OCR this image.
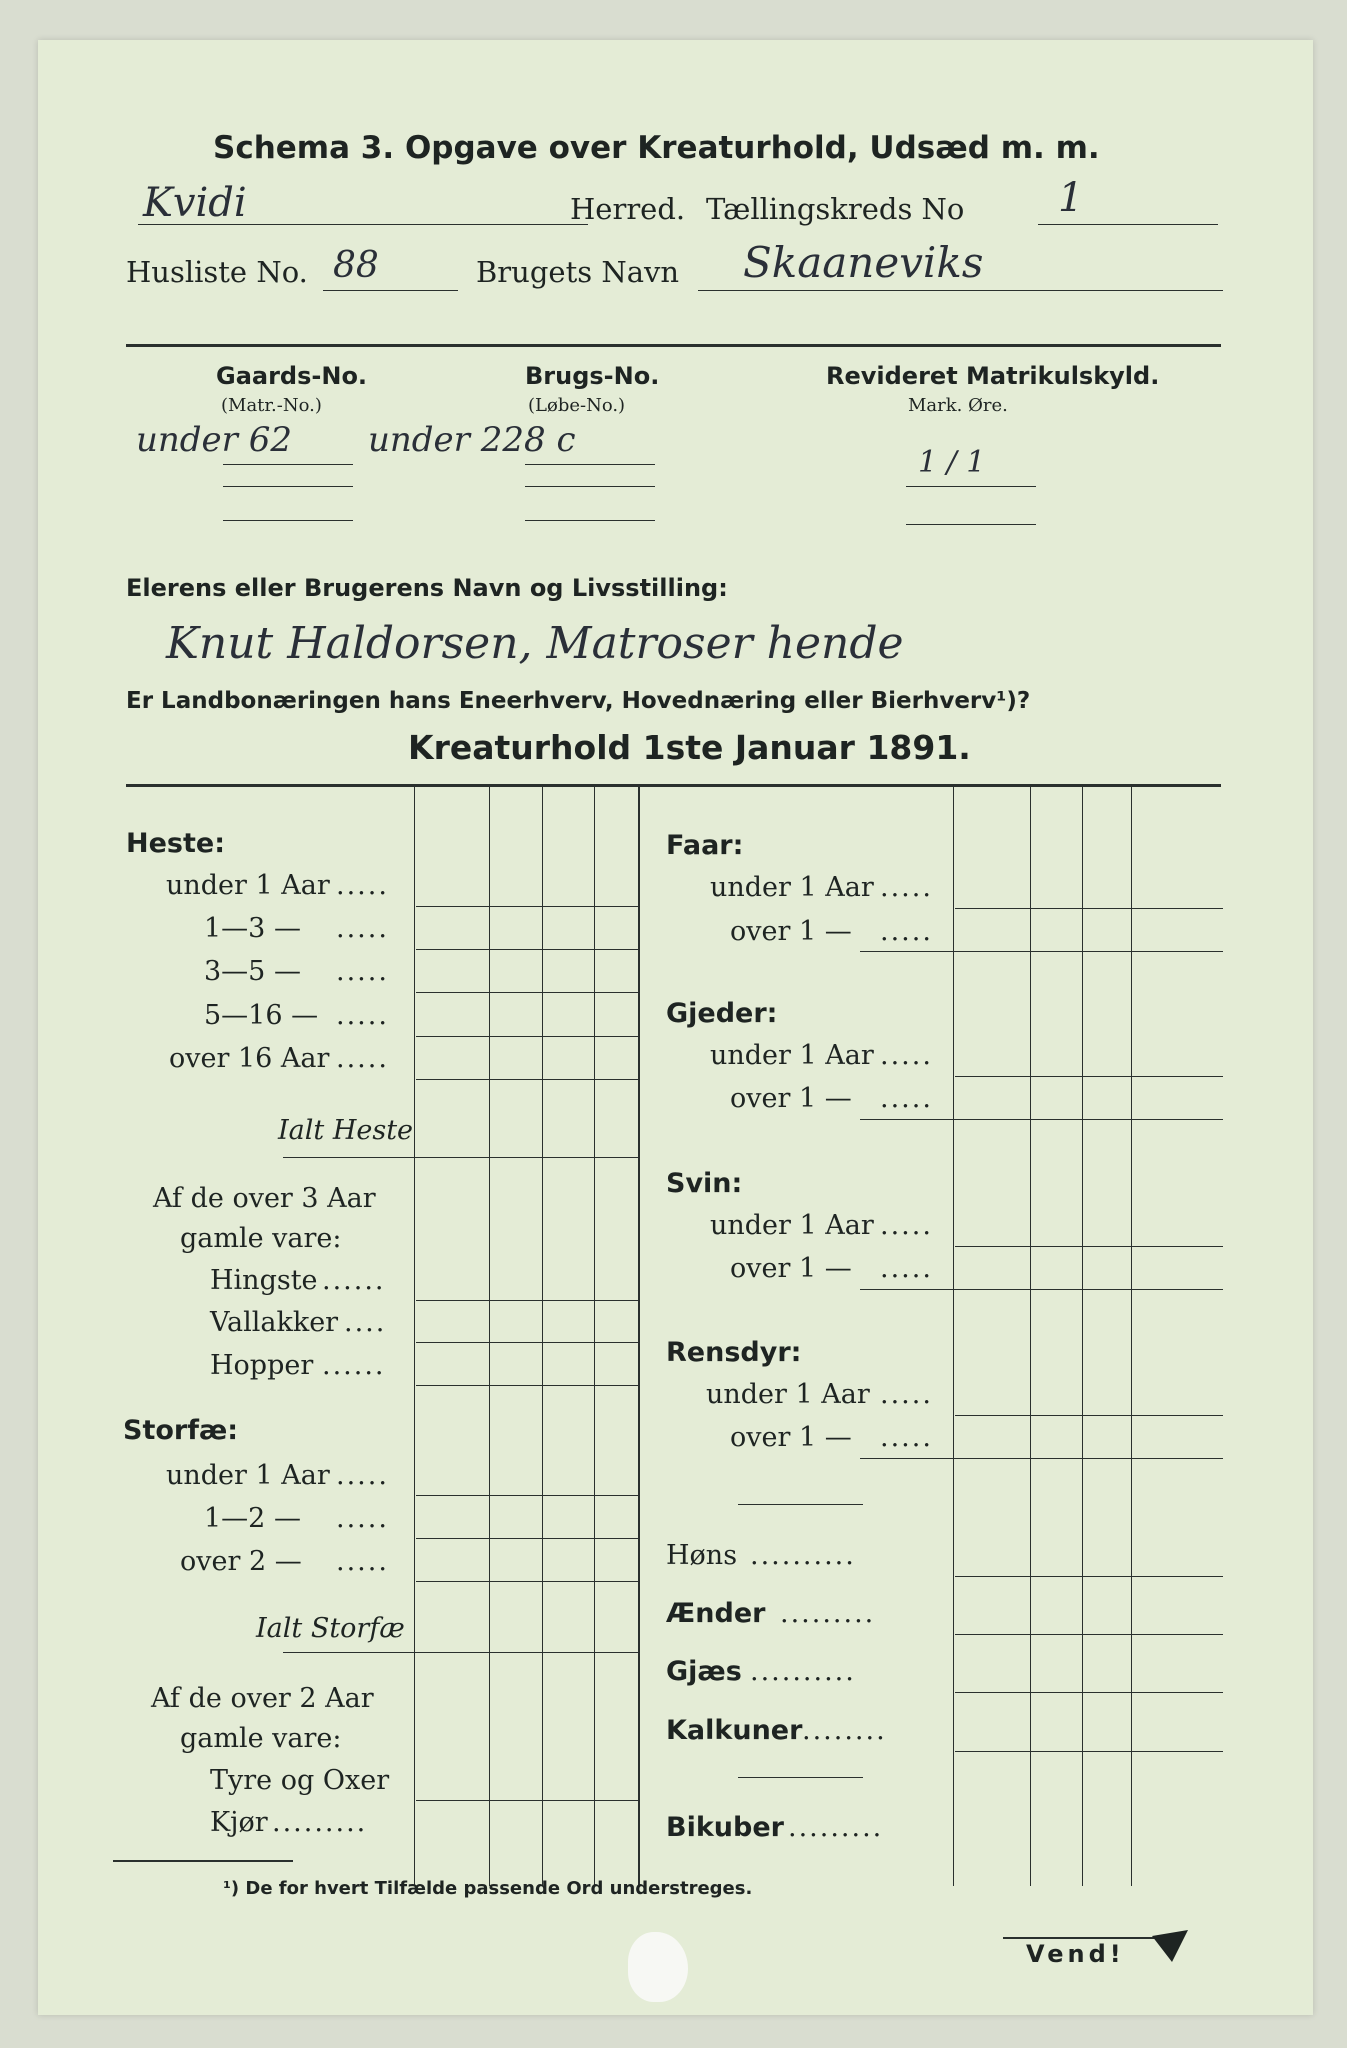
Schema 3. Opgave over Kreaturhold, Udsæd m. m.
Kvidi	Herred. Tællingskreds No 1
Husliste No. 88	Brugets Navn Skaaneviks
Gaards-No.
(Matr.-No.)
under 62
Brugs-No.
(Løbe-No.)
under 228 c
Revideret Matrikulskyld.
Mark. Øre.
1 / 1
Elerens eller Brugerens Navn og Livsstilling:
Knut Haldorsen, Matroser hende
Er Landbonæringen hans Eneerhverv, Hovednæring eller Bierhverv¹)?
Kreaturhold 1ste Januar 1891.
Heste:
under 1 Aar .....
1—3 — .....
3—5 — .....
5—16 — .....
over 16 Aar .....
Ialt Heste
Af de over 3 Aar
gamle vare:
Hingste ......
Vallakker ....
Hopper ......
Storfæ:
under 1 Aar .....
1—2 — .....
over 2 — .....
Ialt Storfæ
Af de over 2 Aar
gamle vare:
Tyre og Oxer
Kjør .........
Faar:
under 1 Aar .....
over 1 — .....
Gjeder:
under 1 Aar .....
over 1 — .....
Svin:
under 1 Aar .....
over 1 — .....
Rensdyr:
under 1 Aar .....
over 1 — .....
Høns ..........
Ænder .........
Gjæs ..........
Kalkuner ........
Bikuber .........
¹) De for hvert Tilfælde passende Ord understreges.
Vend!
